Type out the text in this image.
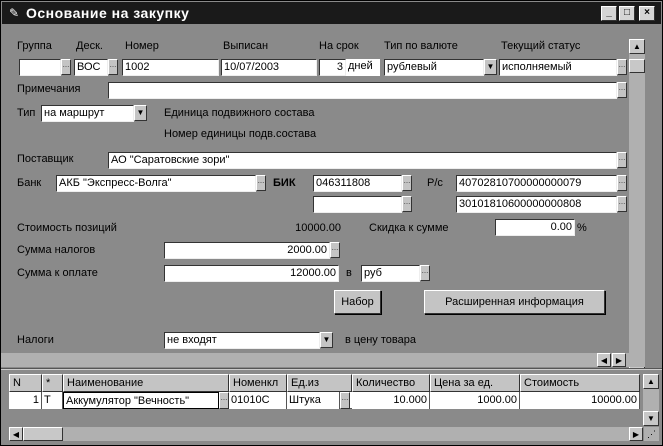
✎ Основание на закупку	_	□	×
▲
Группа Деск. Номер	Выписан	На срок Тип по валюте	Текущий статус
… ВОС	… 1002	10/07/2003	3 дней	рублевый	▼ исполняемый	…
Примечания	…
Тип на маршрут	▼ Единица подвижного состава
Номер единицы подв.состава
Поставщик	АО "Саратовские зори"	…
Банк АКБ "Экспресс-Волга"	… БИК 046311808	…
…
Р/с 40702810700000000079	…
30101810600000000808	…
Стоимость позиций	10000.00	Скидка к сумме	0.00 %
Сумма налогов	2000.00 …
Сумма к оплате	12000.00 в руб	…
Набор	Расширенная информация
Налоги	не входят	▼ в цену товара
◀	▶
N	*	Наименование	Номенкл	Ед.из	Количество	Цена за ед.	Стоимость
1 T	Аккумулятор "Вечность"	… 01010С	Штука	…	10.000	1000.00	10000.00
▲
▼
◀	▶ ⋰
